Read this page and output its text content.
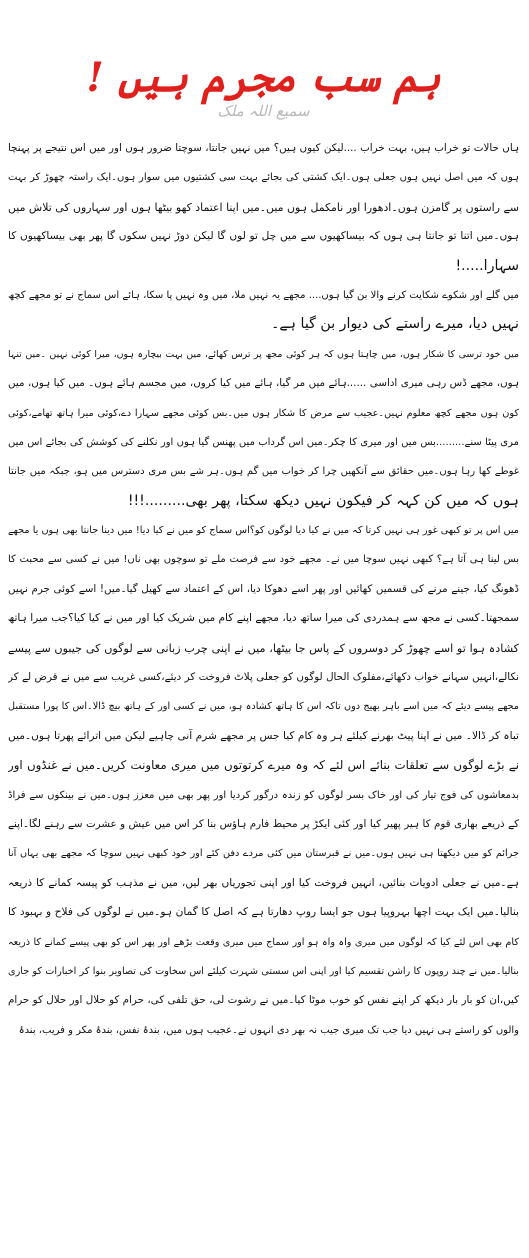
ہم سب مجرم ہیں !
سمیع اللہ ملک

ہاں حالات تو خراب ہیں، بہت خراب ....لیکن کیوں ہیں؟ میں نہیں جانتا، سوچتا ضرور ہوں اور میں اس نتیجے پر پہنچا
ہوں کہ میں اصل نہیں ہوں جعلی ہوں۔ایک کشتی کی بجائے بہت سی کشتیوں میں سوار ہوں۔ایک راستہ چھوڑ کر بہت
سے راستوں پر گامزن ہوں۔ادھورا اور نامکمل ہوں میں۔میں اپنا اعتماد کھو بیٹھا ہوں اور سہاروں کی تلاش میں
ہوں۔میں اتنا تو جانتا ہی ہوں کہ بیساکھیوں سے میں چل تو لوں گا لیکن دوڑ نہیں سکوں گا پھر بھی بیساکھیوں کا
سہارا.....!

میں گلے اور شکوے شکایت کرنے والا بن گیا ہوں.... مجھے یہ نہیں ملا، میں وہ نہیں پا سکا، ہائے اس سماج نے تو مجھے کچھ
نہیں دیا، میرے راستے کی دیوار بن گیا ہے۔

میں خود ترسی کا شکار ہوں، میں چاہتا ہوں کہ ہر کوئی مجھ پر ترس کھائے، میں بہت بیچارہ ہوں، میرا کوئی نہیں ۔میں تنہا
ہوں، مجھے ڈس رہی میری اداسی ......ہائے میں مر گیا، ہائے میں کیا کروں، میں مجسم ہائے ہوں۔ میں کیا ہوں، میں
کون ہوں مجھے کچھ معلوم نہیں۔عجیب سے مرض کا شکار ہوں میں۔بس کوئی مجھے سہارا دے،کوئی میرا ہاتھ تھامے،کوئی
مری پیٹا سنے.........بس میں اور میری کا چکر۔میں اس گرداب میں پھنس گیا ہوں اور نکلنے کی کوشش کی بجائے اس میں
غوطے کھا رہا ہوں۔میں حقائق سے آنکھیں چرا کر خواب میں گم ہوں۔ہر شے بس مری دسترس میں ہو، جبکہ میں جانتا
ہوں کہ میں کن کہہ کر فیکون نہیں دیکھ سکتا، پھر بھی.........!!!

میں اس پر تو کبھی غور ہی نہیں کرتا کہ میں نے کیا دیا لوگوں کو؟اس سماج کو میں نے کیا دیا! میں دینا جانتا بھی ہوں یا مجھے
بس لینا ہی آتا ہے؟ کبھی نہیں سوچا میں نے۔ مجھے خود سے فرصت ملے تو سوچوں بھی ناں! میں نے کسی سے محبت کا
ڈھونگ کیا، جینے مرنے کی قسمیں کھائیں اور پھر اسے دھوکا دیا، اس کے اعتماد سے کھیل گیا۔میں! اسے کوئی جرم نہیں
سمجھتا۔کسی نے مجھ سے ہمدردی کی میرا ساتھ دیا، مجھے اپنے کام میں شریک کیا اور میں نے کیا کیا؟جب میرا ہاتھ
کشادہ ہوا تو اسے چھوڑ کر دوسروں کے پاس جا بیٹھا، میں نے اپنی چرب زبانی سے لوگوں کی جیبوں سے پیسے
نکالے،انہیں سہانے خواب دکھائے،مفلوک الحال لوگوں کو جعلی پلاٹ فروخت کر دیئے،کسی غریب سے میں نے قرض لے کر
مجھے پیسے دیئے کہ میں اسے باہر بھیج دوں تاکہ اس کا ہاتھ کشادہ ہو، میں نے کسی اور کے ہاتھ بیچ ڈالا۔اس کا پورا مستقبل
تباہ کر ڈالا۔ میں نے اپنا پیٹ بھرنے کیلئے ہر وہ کام کیا جس پر مجھے شرم آنی چاہیے لیکن میں اترائے پھرتا ہوں۔میں
نے بڑے لوگوں سے تعلقات بنائے اس لئے کہ وہ میرے کرتوتوں میں میری معاونت کریں۔میں نے غنڈوں اور
بدمعاشوں کی فوج تیار کی اور خاک بسر لوگوں کو زندہ درگور کردیا اور پھر بھی میں معزز ہوں۔میں نے بینکوں سے فراڈ
کے ذریعے بھاری قوم کا ہیر پھیر کیا اور کئی ایکڑ پر محیط فارم ہاؤس بنا کر اس میں عیش و عشرت سے رہنے لگا۔اپنے
جرائم کو میں دیکھتا ہی نہیں ہوں۔میں نے قبرستان میں کئی مردے دفن کئے اور خود کبھی نہیں سوچا کہ مجھے بھی یہاں آنا
ہے۔میں نے جعلی ادویات بنائیں، انہیں فروخت کیا اور اپنی تجوریاں بھر لیں، میں نے مذہب کو پیسہ کمانے کا ذریعہ
بنالیا۔میں ایک بہت اچھا بہروپیا ہوں جو ایسا روپ دھارتا ہے کہ اصل کا گمان ہو۔میں نے لوگوں کی فلاح و بہبود کا
کام بھی اس لئے کیا کہ لوگوں میں میری واہ واہ ہو اور سماج میں میری وقعت بڑھے اور پھر اس کو بھی پیسے کمانے کا ذریعہ
بنالیا۔میں نے چند روپوں کا راشن تقسیم کیا اور اپنی اس سستی شہرت کیلئے اس سخاوت کی تصاویر بنوا کر اخبارات کو جاری
کیں،ان کو بار بار دیکھ کر اپنے نفس کو خوب موٹا کیا۔میں نے رشوت لی، حق تلفی کی، حرام کو حلال اور حلال کو حرام
والوں کو راستے ہی نہیں دیا جب تک میری جیب نہ بھر دی انہوں نے۔عجیب ہوں میں، بندۂ نفس، بندۂ مکر و فریب، بندۂ
